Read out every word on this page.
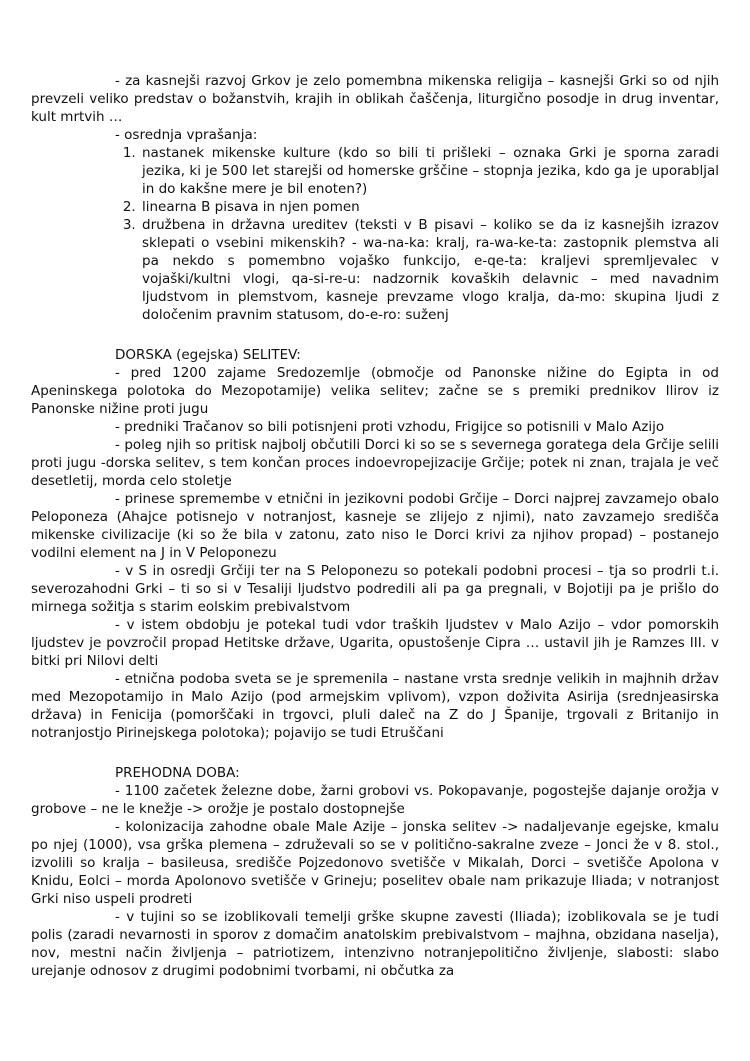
- za kasnejši razvoj Grkov je zelo pomembna mikenska religija – kasnejši Grki so od njih prevzeli veliko predstav o božanstvih, krajih in oblikah čaščenja, liturgično posodje in drug inventar, kult mrtvih …

- osrednja vprašanja:

1. nastanek mikenske kulture (kdo so bili ti prišleki – oznaka Grki je sporna zaradi jezika, ki je 500 let starejši od homerske grščine – stopnja jezika, kdo ga je uporabljal in do kakšne mere je bil enoten?)
2. linearna B pisava in njen pomen
3. družbena in državna ureditev (teksti v B pisavi – koliko se da iz kasnejših izrazov sklepati o vsebini mikenskih? - wa-na-ka: kralj, ra-wa-ke-ta: zastopnik plemstva ali pa nekdo s pomembno vojaško funkcijo, e-qe-ta: kraljevi spremljevalec v vojaški/kultni vlogi, qa-si-re-u: nadzornik kovaških delavnic – med navadnim ljudstvom in plemstvom, kasneje prevzame vlogo kralja, da-mo: skupina ljudi z določenim pravnim statusom, do-e-ro: suženj
DORSKA (egejska) SELITEV:

- pred 1200 zajame Sredozemlje (območje od Panonske nižine do Egipta in od Apeninskega polotoka do Mezopotamije) velika selitev; začne se s premiki prednikov Ilirov iz Panonske nižine proti jugu

- predniki Tračanov so bili potisnjeni proti vzhodu, Frigijce so potisnili v Malo Azijo

- poleg njih so pritisk najbolj občutili Dorci ki so se s severnega goratega dela Grčije selili proti jugu -dorska selitev, s tem končan proces indoevropejizacije Grčije; potek ni znan, trajala je več desetletij, morda celo stoletje

- prinese spremembe v etnični in jezikovni podobi Grčije – Dorci najprej zavzamejo obalo Peloponeza (Ahajce potisnejo v notranjost, kasneje se zlijejo z njimi), nato zavzamejo središča mikenske civilizacije (ki so že bila v zatonu, zato niso le Dorci krivi za njihov propad) – postanejo vodilni element na J in V Peloponezu

- v S in osredji Grčiji ter na S Peloponezu so potekali podobni procesi – tja so prodrli t.i. severozahodni Grki – ti so si v Tesaliji ljudstvo podredili ali pa ga pregnali, v Bojotiji pa je prišlo do mirnega sožitja s starim eolskim prebivalstvom

- v istem obdobju je potekal tudi vdor traških ljudstev v Malo Azijo – vdor pomorskih ljudstev je povzročil propad Hetitske države, Ugarita, opustošenje Cipra … ustavil jih je Ramzes III. v bitki pri Nilovi delti

- etnična podoba sveta se je spremenila – nastane vrsta srednje velikih in majhnih držav med Mezopotamijo in Malo Azijo (pod armejskim vplivom), vzpon doživita Asirija (srednjeasirska država) in Fenicija (pomorščaki in trgovci, pluli daleč na Z do J Španije, trgovali z Britanijo in notranjostjo Pirinejskega polotoka); pojavijo se tudi Etruščani

PREHODNA DOBA:

- 1100 začetek železne dobe, žarni grobovi vs. Pokopavanje, pogostejše dajanje orožja v grobove – ne le knežje -> orožje je postalo dostopnejše

- kolonizacija zahodne obale Male Azije – jonska selitev -> nadaljevanje egejske, kmalu po njej (1000), vsa grška plemena – združevali so se v politično-sakralne zveze – Jonci že v 8. stol., izvolili so kralja – basileusa, središče Pojzedonovo svetišče v Mikalah, Dorci – svetišče Apolona v Knidu, Eolci – morda Apolonovo svetišče v Grineju; poselitev obale nam prikazuje Iliada; v notranjost Grki niso uspeli prodreti

- v tujini so se izoblikovali temelji grške skupne zavesti (Iliada); izoblikovala se je tudi polis (zaradi nevarnosti in sporov z domačim anatolskim prebivalstvom – majhna, obzidana naselja), nov, mestni način življenja – patriotizem, intenzivno notranjepolitično življenje, slabosti: slabo urejanje odnosov z drugimi podobnimi tvorbami, ni občutka za
